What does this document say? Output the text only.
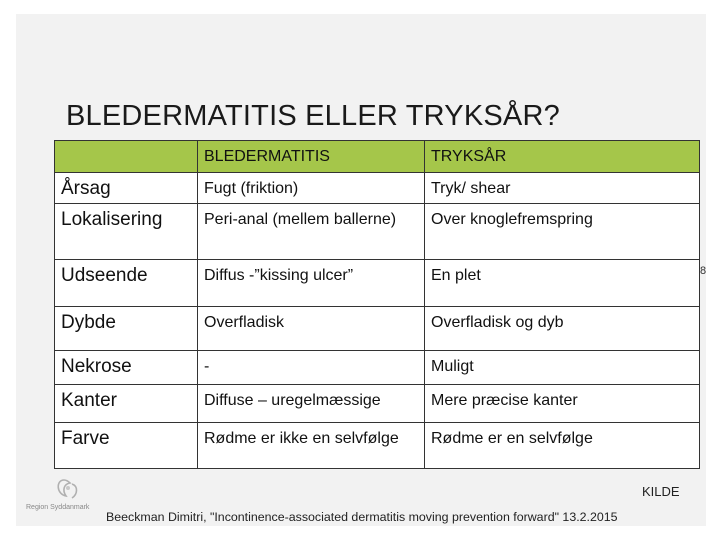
BLEDERMATITIS ELLER TRYKSÅR?
	BLEDERMATITIS	TRYKSÅR
Årsag	Fugt (friktion)	Tryk/ shear
Lokalisering	Peri-anal (mellem ballerne)	Over knoglefremspring
Udseende	Diffus -”kissing ulcer”	En plet
Dybde	Overfladisk	Overfladisk og dyb
Nekrose	-	Muligt
Kanter	Diffuse – uregelmæssige	Mere præcise kanter
Farve	Rødme er ikke en selvfølge	Rødme er en selvfølge
8
Region Syddanmark
KILDE
Beeckman Dimitri, "Incontinence-associated dermatitis moving prevention forward" 13.2.2015
